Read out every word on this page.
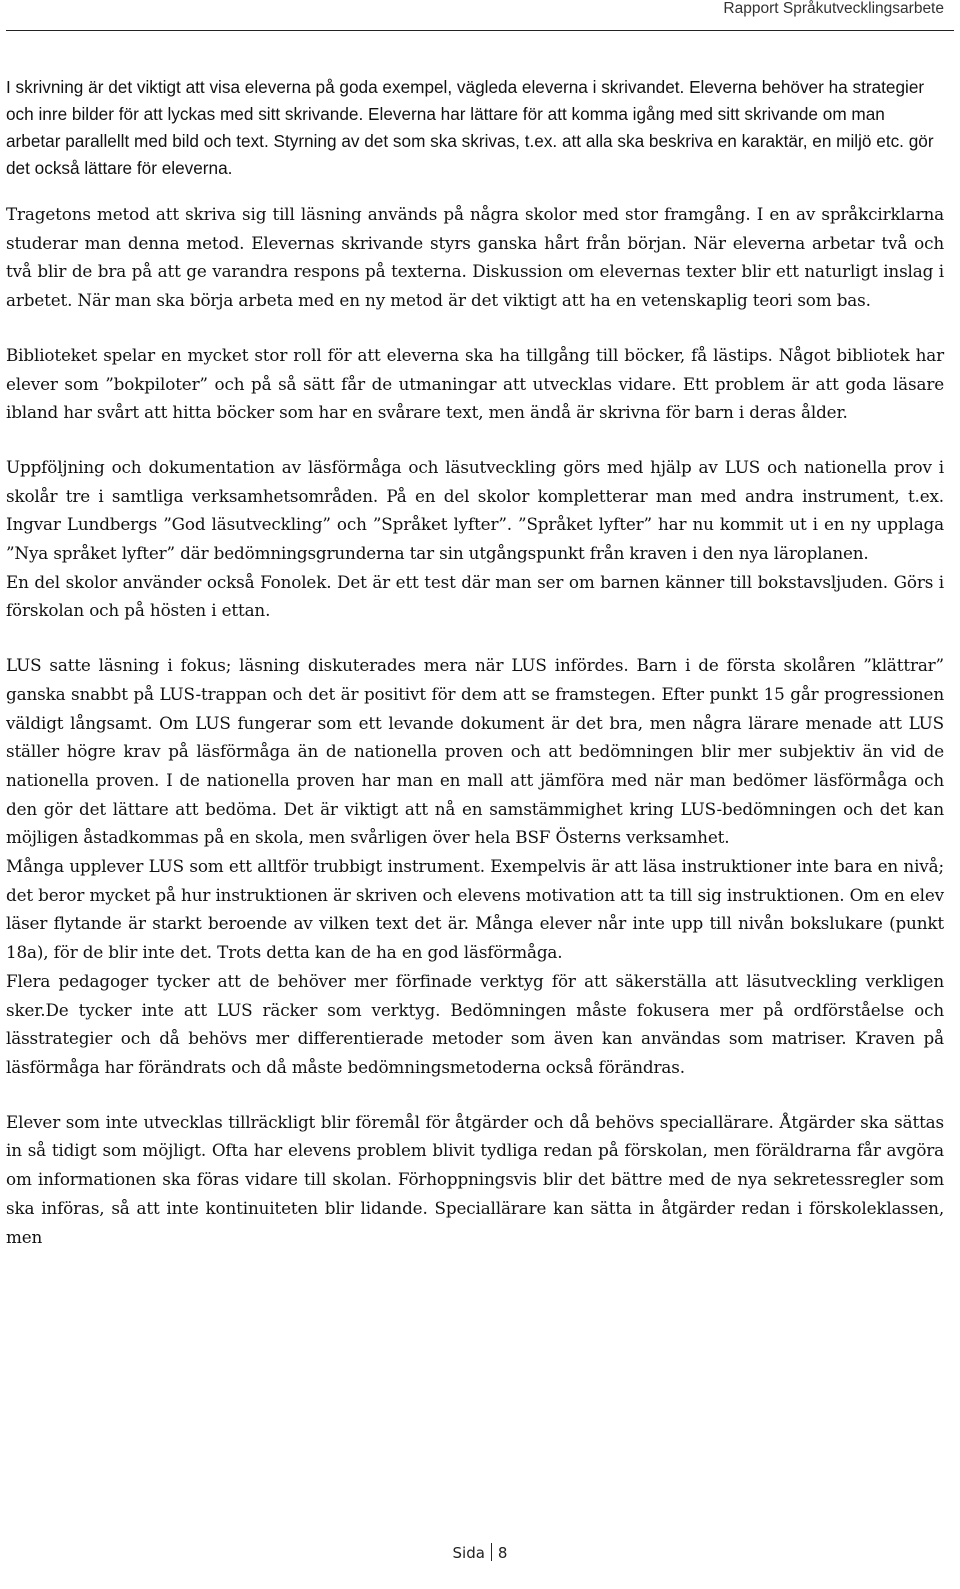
Rapport Språkutvecklingsarbete

I skrivning är det viktigt att visa eleverna på goda exempel, vägleda eleverna i skrivandet. Eleverna behöver ha strategier och inre bilder för att lyckas med sitt skrivande. Eleverna har lättare för att komma igång med sitt skrivande om man arbetar parallellt med bild och text. Styrning av det som ska skrivas, t.ex. att alla ska beskriva en karaktär, en miljö etc. gör det också lättare för eleverna.

Tragetons metod att skriva sig till läsning används på några skolor med stor framgång. I en av språkcirklarna studerar man denna metod. Elevernas skrivande styrs ganska hårt från början. När eleverna arbetar två och två blir de bra på att ge varandra respons på texterna. Diskussion om elevernas texter blir ett naturligt inslag i arbetet. När man ska börja arbeta med en ny metod är det viktigt att ha en vetenskaplig teori som bas.

Biblioteket spelar en mycket stor roll för att eleverna ska ha tillgång till böcker, få lästips. Något bibliotek har elever som ”bokpiloter” och på så sätt får de utmaningar att utvecklas vidare. Ett problem är att goda läsare ibland har svårt att hitta böcker som har en svårare text, men ändå är skrivna för barn i deras ålder.

Uppföljning och dokumentation av läsförmåga och läsutveckling görs med hjälp av LUS och nationella prov i skolår tre i samtliga verksamhetsområden. På en del skolor kompletterar man med andra instrument, t.ex. Ingvar Lundbergs ”God läsutveckling” och ”Språket lyfter”. ”Språket lyfter” har nu kommit ut i en ny upplaga ”Nya språket lyfter” där bedömningsgrunderna tar sin utgångspunkt från kraven i den nya läroplanen.

En del skolor använder också Fonolek. Det är ett test där man ser om barnen känner till bokstavsljuden. Görs i förskolan och på hösten i ettan.

LUS satte läsning i fokus; läsning diskuterades mera när LUS infördes. Barn i de första skolåren ”klättrar” ganska snabbt på LUS-trappan och det är positivt för dem att se framstegen. Efter punkt 15 går progressionen väldigt långsamt. Om LUS fungerar som ett levande dokument är det bra, men några lärare menade att LUS ställer högre krav på läsförmåga än de nationella proven och att bedömningen blir mer subjektiv än vid de nationella proven. I de nationella proven har man en mall att jämföra med när man bedömer läsförmåga och den gör det lättare att bedöma. Det är viktigt att nå en samstämmighet kring LUS-bedömningen och det kan möjligen åstadkommas på en skola, men svårligen över hela BSF Österns verksamhet.

Många upplever LUS som ett alltför trubbigt instrument. Exempelvis är att läsa instruktioner inte bara en nivå; det beror mycket på hur instruktionen är skriven och elevens motivation att ta till sig instruktionen. Om en elev läser flytande är starkt beroende av vilken text det är. Många elever når inte upp till nivån bokslukare (punkt 18a), för de blir inte det. Trots detta kan de ha en god läsförmåga.

Flera pedagoger tycker att de behöver mer förfinade verktyg för att säkerställa att läsutveckling verkligen sker.De tycker inte att LUS räcker som verktyg. Bedömningen måste fokusera mer på ordförståelse och lässtrategier och då behövs mer differentierade metoder som även kan användas som matriser. Kraven på läsförmåga har förändrats och då måste bedömningsmetoderna också förändras.

Elever som inte utvecklas tillräckligt blir föremål för åtgärder och då behövs speciallärare. Åtgärder ska sättas in så tidigt som möjligt. Ofta har elevens problem blivit tydliga redan på förskolan, men föräldrarna får avgöra om informationen ska föras vidare till skolan. Förhoppningsvis blir det bättre med de nya sekretessregler som ska införas, så att inte kontinuiteten blir lidande. Speciallärare kan sätta in åtgärder redan i förskoleklassen, men

Sida 8
